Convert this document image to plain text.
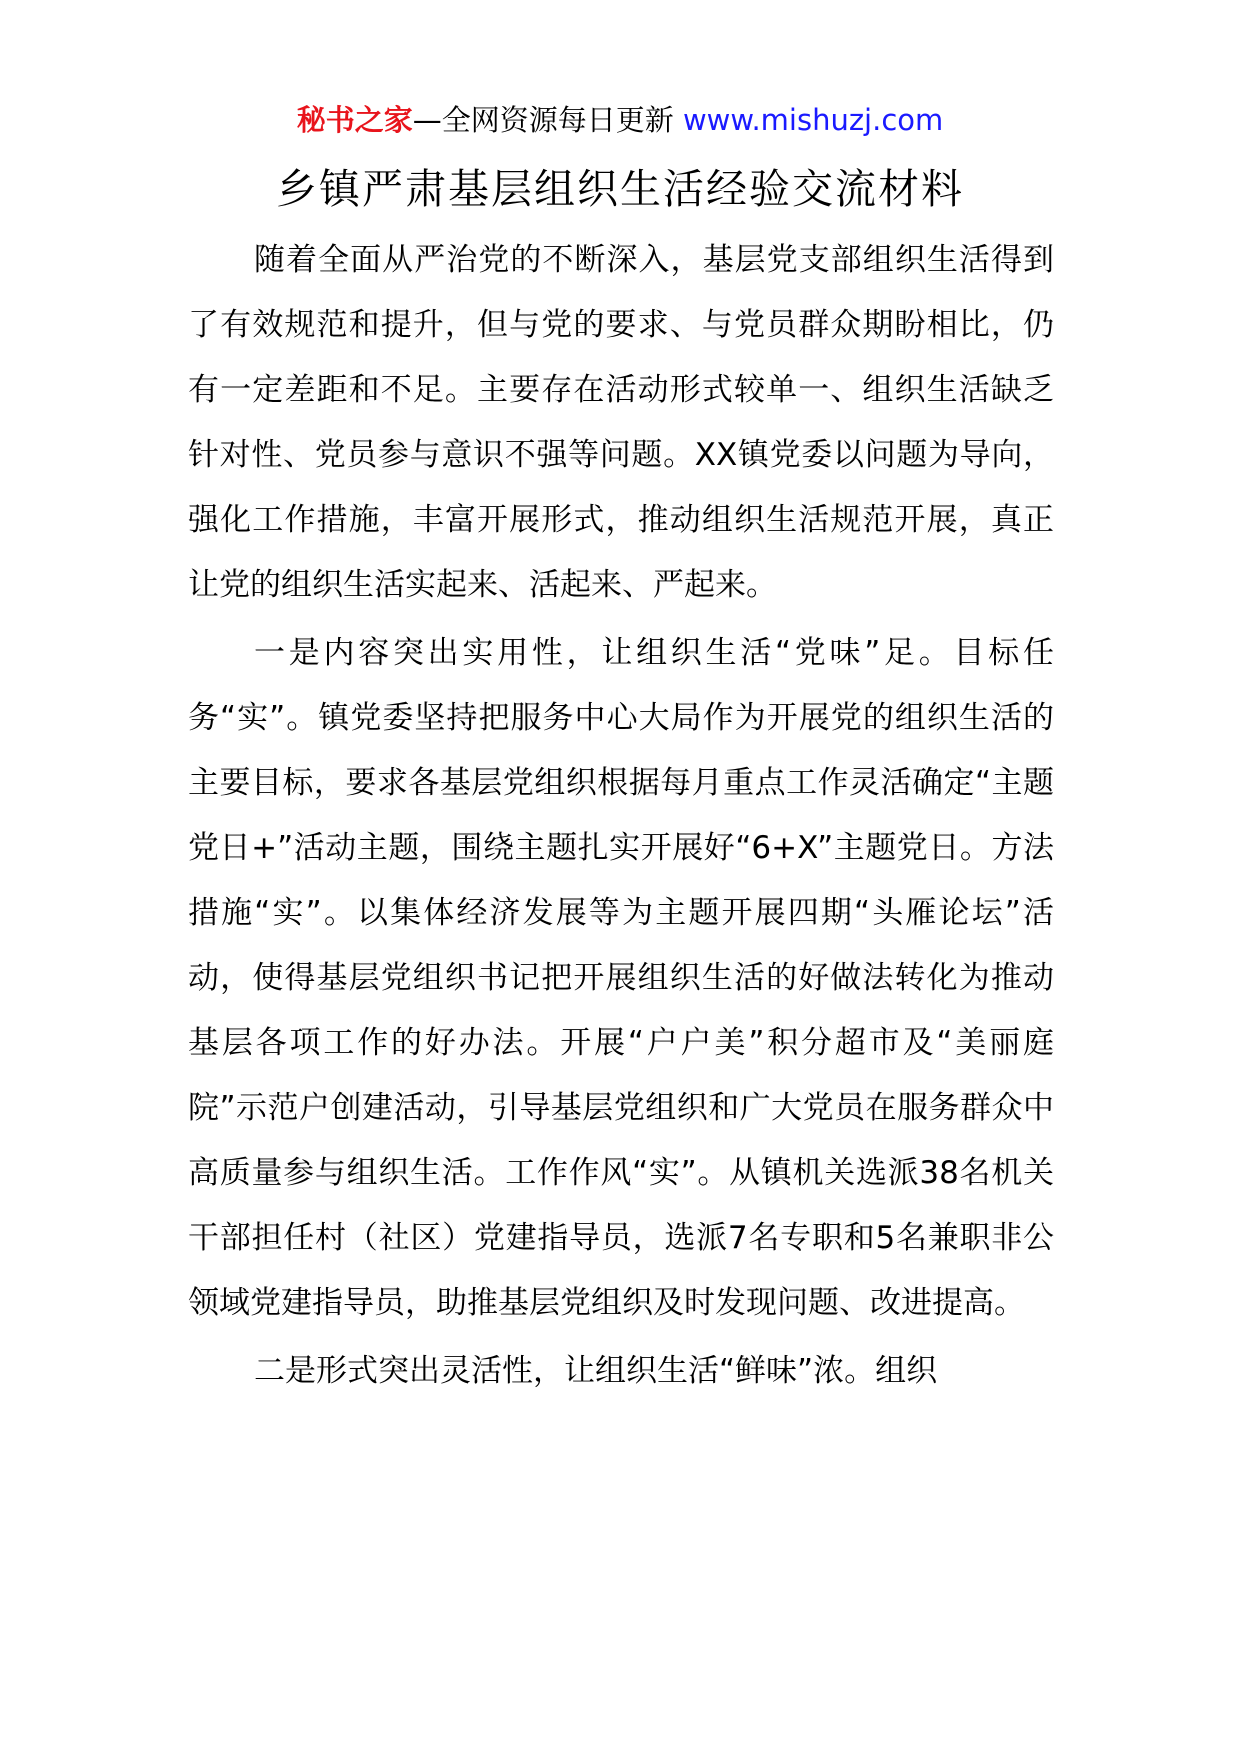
秘书之家—全网资源每日更新 www.mishuzj.com
乡镇严肃基层组织生活经验交流材料

随着全面从严治党的不断深入，基层党支部组织生活得到了有效规范和提升，但与党的要求、与党员群众期盼相比，仍有一定差距和不足。主要存在活动形式较单一、组织生活缺乏针对性、党员参与意识不强等问题。XX镇党委以问题为导向，强化工作措施，丰富开展形式，推动组织生活规范开展，真正让党的组织生活实起来、活起来、严起来。

一是内容突出实用性，让组织生活“党味”足。目标任务“实”。镇党委坚持把服务中心大局作为开展党的组织生活的主要目标，要求各基层党组织根据每月重点工作灵活确定“主题党日+”活动主题，围绕主题扎实开展好“6+X”主题党日。方法措施“实”。以集体经济发展等为主题开展四期“头雁论坛”活动，使得基层党组织书记把开展组织生活的好做法转化为推动基层各项工作的好办法。开展“户户美”积分超市及“美丽庭院”示范户创建活动，引导基层党组织和广大党员在服务群众中高质量参与组织生活。工作作风“实”。从镇机关选派38名机关干部担任村（社区）党建指导员，选派7名专职和5名兼职非公领域党建指导员，助推基层党组织及时发现问题、改进提高。

二是形式突出灵活性，让组织生活“鲜味”浓。组织
